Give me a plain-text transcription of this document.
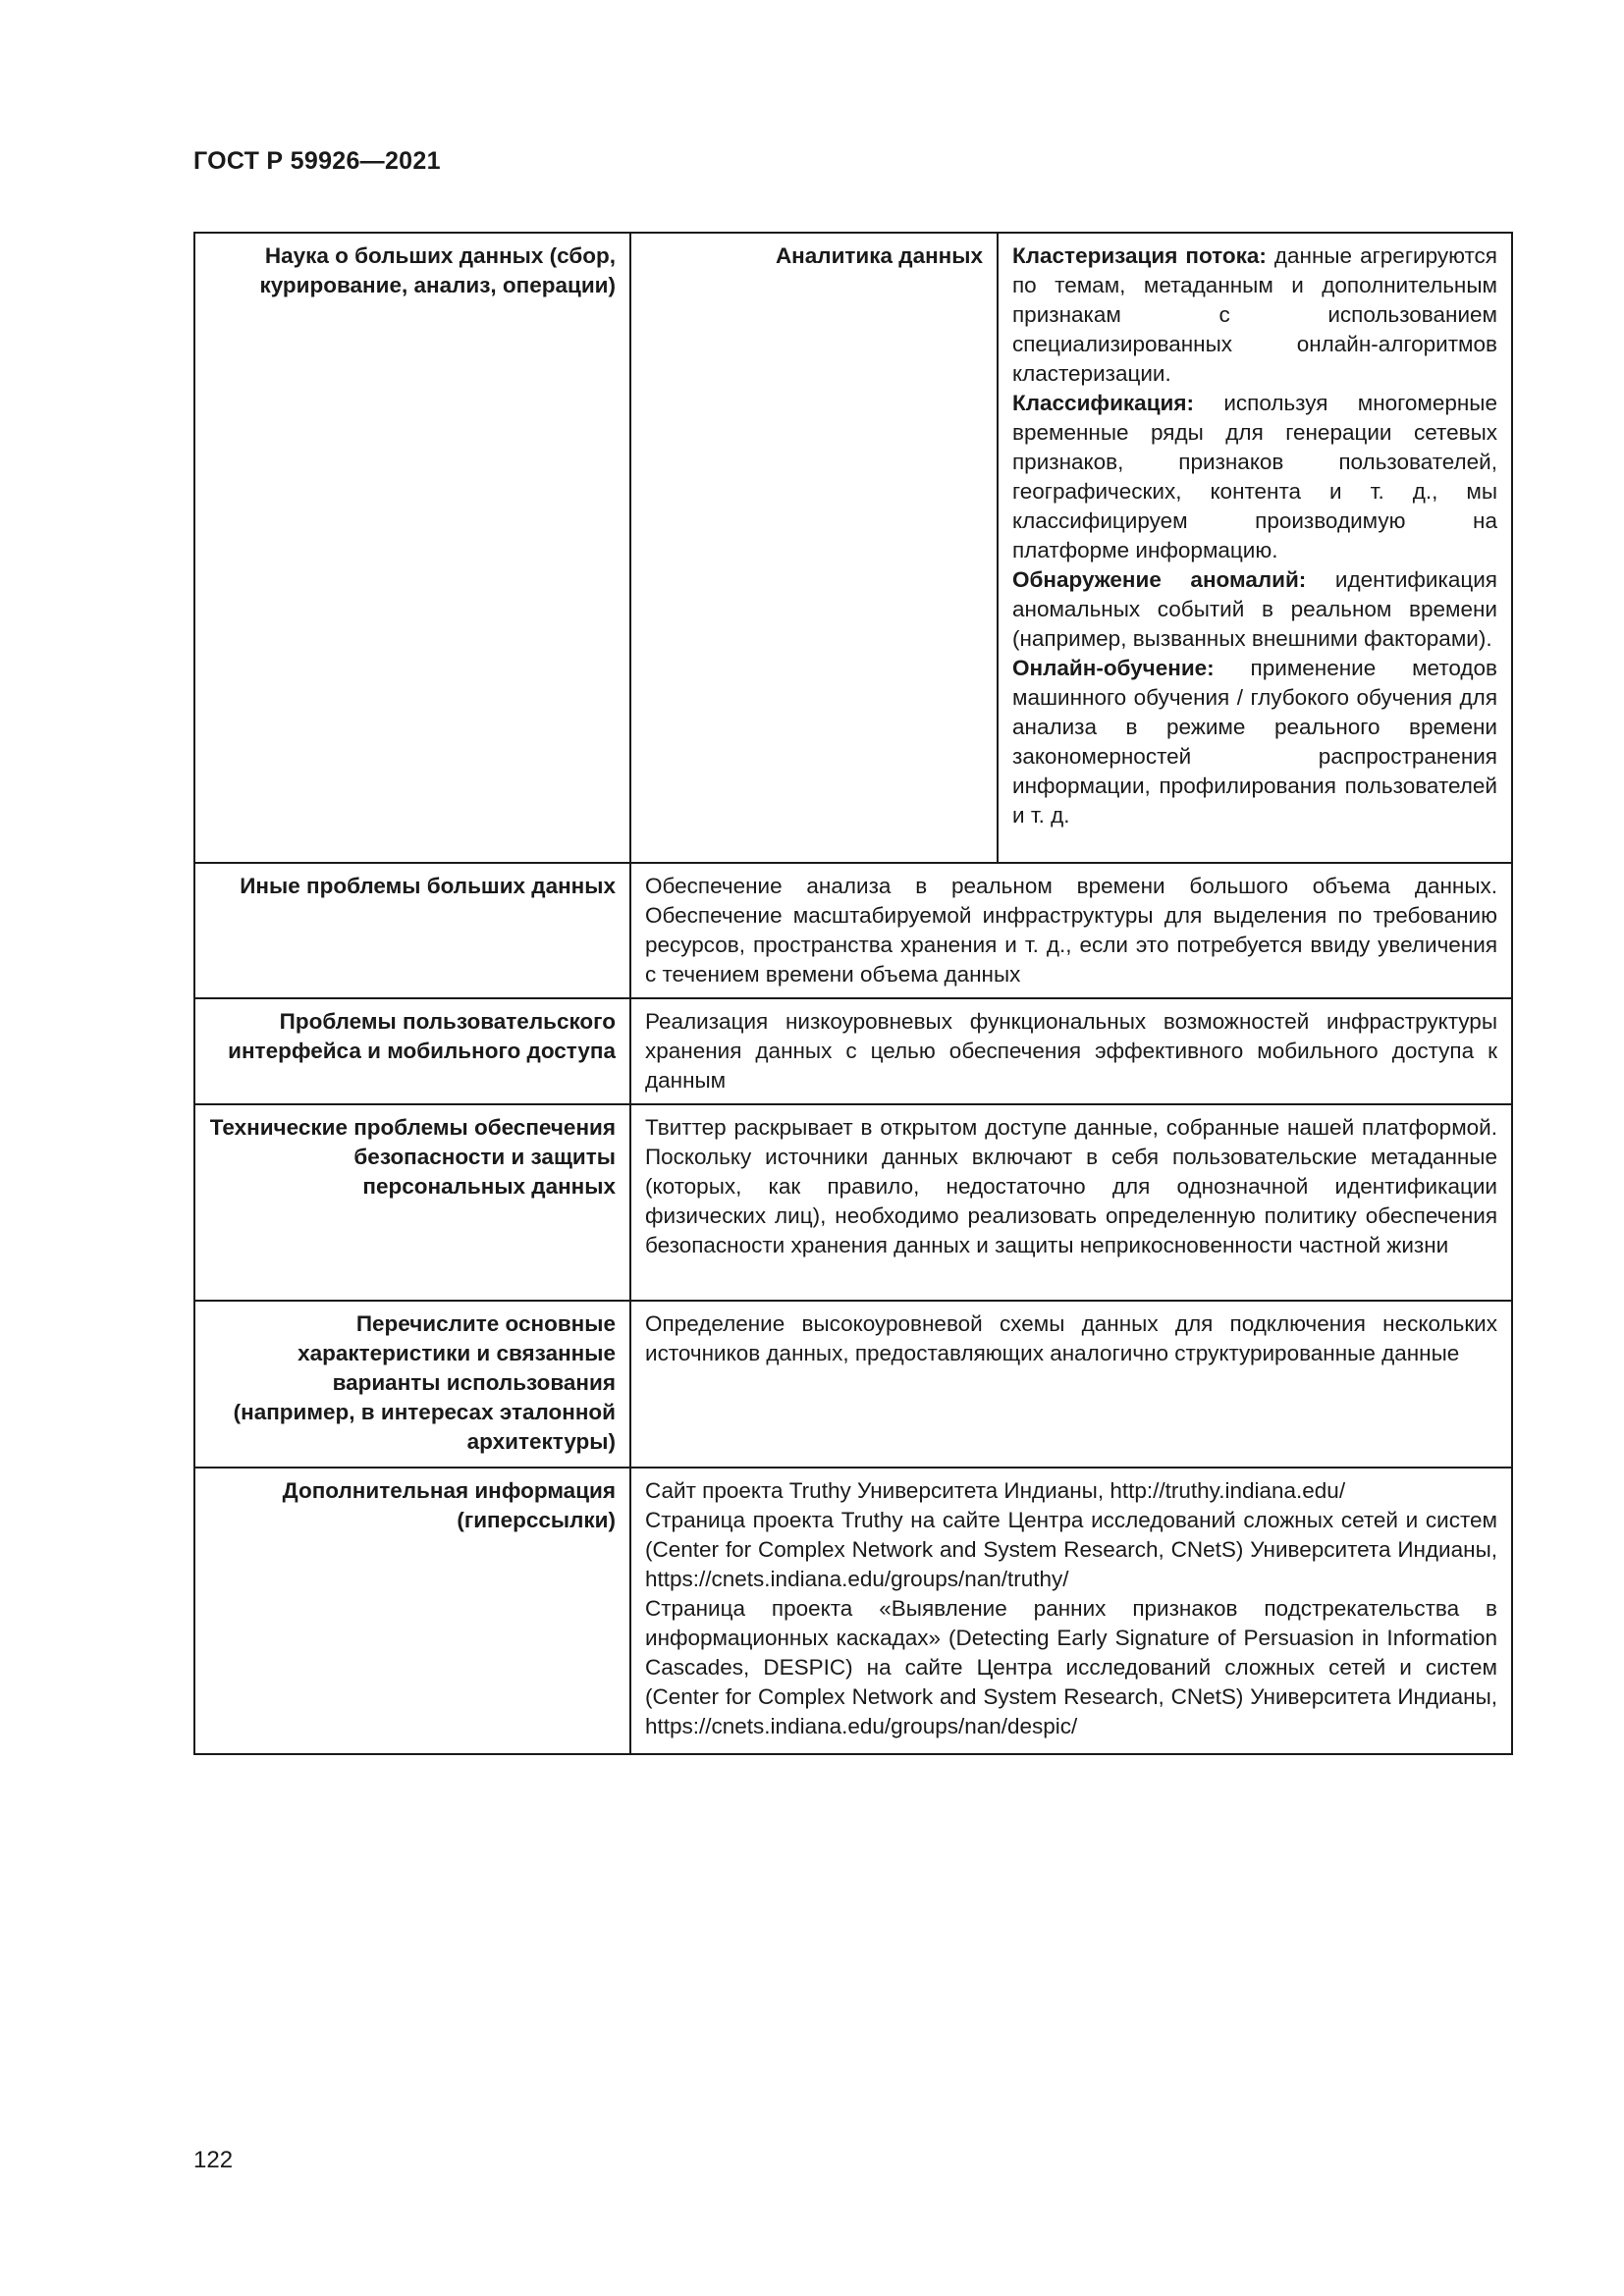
ГОСТ Р 59926—2021
Наука о больших данных (сбор, курирование, анализ, операции)	Аналитика данных	Кластеризация потока: данные агрегируются по темам, метаданным и дополнительным признакам с использованием специализированных онлайн-алгоритмов кластеризации.
Классификация: используя многомерные временные ряды для генерации сетевых признаков, признаков пользователей, географических, контента и т. д., мы классифицируем производимую на платформе информацию.
Обнаружение аномалий: идентификация аномальных событий в реальном времени (например, вызванных внешними факторами).
Онлайн-обучение: применение методов машинного обучения / глубокого обучения для анализа в режиме реального времени закономерностей распространения информации, профилирования пользователей и т. д.

Иные проблемы больших данных	Обеспечение анализа в реальном времени большого объема данных. Обеспечение масштабируемой инфраструктуры для выделения по требованию ресурсов, пространства хранения и т. д., если это потребуется ввиду увеличения с течением времени объема данных	
Проблемы пользовательского интерфейса и мобильного доступа	Реализация низкоуровневых функциональных возможностей инфраструктуры хранения данных с целью обеспечения эффективного мобильного доступа к данным	
Технические проблемы обеспечения безопасности и защиты персональных данных	Твиттер раскрывает в открытом доступе данные, собранные нашей платформой. Поскольку источники данных включают в себя пользовательские метаданные (которых, как правило, недостаточно для однозначной идентификации физических лиц), необходимо реализовать определенную политику обеспечения безопасности хранения данных и защиты неприкосновенности частной жизни	
Перечислите основные характеристики и связанные варианты использования (например, в интересах эталонной архитектуры)	Определение высокоуровневой схемы данных для подключения нескольких источников данных, предоставляющих аналогично структурированные данные	
Дополнительная информация (гиперссылки)	Сайт проекта Truthy Университета Индианы, http://truthy.indiana.edu/
Страница проекта Truthy на сайте Центра исследований сложных сетей и систем (Center for Complex Network and System Research, CNetS) Университета Индианы, https://cnets.indiana.edu/groups/nan/truthy/
Страница проекта «Выявление ранних признаков подстрекательства в информационных каскадах» (Detecting Early Signature of Persuasion in Information Cascades, DESPIC) на сайте Центра исследований сложных сетей и систем (Center for Complex Network and System Research, CNetS) Университета Индианы, https://cnets.indiana.edu/groups/nan/despic/	
122
